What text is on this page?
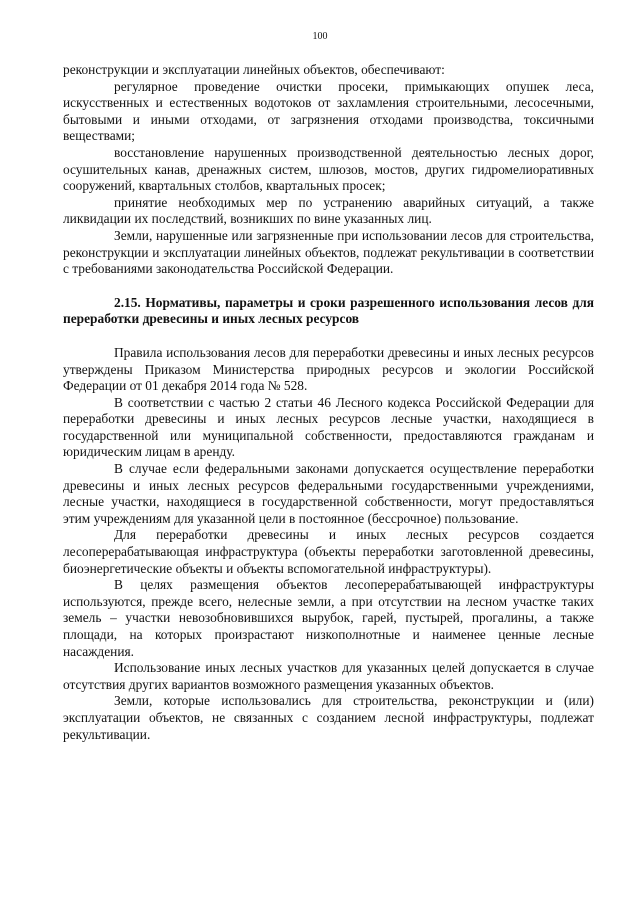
100

реконструкции и эксплуатации линейных объектов, обеспечивают:

регулярное проведение очистки просеки, примыкающих опушек леса, искусственных и естественных водотоков от захламления строительными, лесосечными, бытовыми и иными отходами, от загрязнения отходами производства, токсичными веществами;

восстановление нарушенных производственной деятельностью лесных дорог, осушительных канав, дренажных систем, шлюзов, мостов, других гидромелиоративных сооружений, квартальных столбов, квартальных просек;

принятие необходимых мер по устранению аварийных ситуаций, а также ликвидации их последствий, возникших по вине указанных лиц.

Земли, нарушенные или загрязненные при использовании лесов для строительства, реконструкции и эксплуатации линейных объектов, подлежат рекультивации в соответствии с требованиями законодательства Российской Федерации.

2.15. Нормативы, параметры и сроки разрешенного использования лесов для переработки древесины и иных лесных ресурсов

Правила использования лесов для переработки древесины и иных лесных ресурсов утверждены Приказом Министерства природных ресурсов и экологии Российской Федерации от 01 декабря 2014 года № 528.

В соответствии с частью 2 статьи 46 Лесного кодекса Российской Федерации для переработки древесины и иных лесных ресурсов лесные участки, находящиеся в государственной или муниципальной собственности, предоставляются гражданам и юридическим лицам в аренду.

В случае если федеральными законами допускается осуществление переработки древесины и иных лесных ресурсов федеральными государственными учреждениями, лесные участки, находящиеся в государственной собственности, могут предоставляться этим учреждениям для указанной цели в постоянное (бессрочное) пользование.

Для переработки древесины и иных лесных ресурсов создается лесоперерабатывающая инфраструктура (объекты переработки заготовленной древесины, биоэнергетические объекты и объекты вспомогательной инфраструктуры).

В целях размещения объектов лесоперерабатывающей инфраструктуры используются, прежде всего, нелесные земли, а при отсутствии на лесном участке таких земель – участки невозобновившихся вырубок, гарей, пустырей, прогалины, а также площади, на которых произрастают низкополнотные и наименее ценные лесные насаждения.

Использование иных лесных участков для указанных целей допускается в случае отсутствия других вариантов возможного размещения указанных объектов.

Земли, которые использовались для строительства, реконструкции и (или) эксплуатации объектов, не связанных с созданием лесной инфраструктуры, подлежат рекультивации.
